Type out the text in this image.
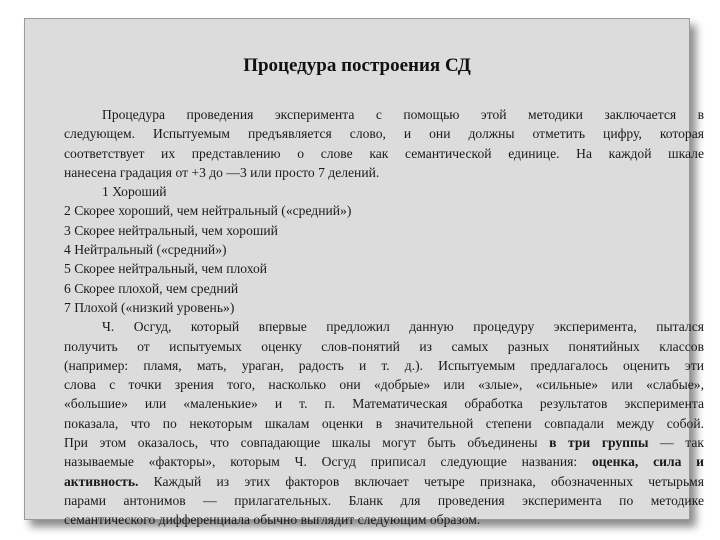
Процедура построения СД
Процедура проведения эксперимента с помощью этой методики заключается в
следующем. Испытуемым предъявляется слово, и они должны отметить цифру, которая
соответствует их представлению о слове как семантической единице. На каждой шкале
нанесена градация от +3 до —3 или просто 7 делений.
1 Хороший
2 Скорее хороший, чем нейтральный («средний»)
3 Скорее нейтральный, чем хороший
4 Нейтральный («средний»)
5 Скорее нейтральный, чем плохой
6 Скорее плохой, чем средний
7 Плохой («низкий уровень»)
Ч. Осгуд, который впервые предложил данную процедуру эксперимента, пытался
получить от испытуемых оценку слов-понятий из самых разных понятийных классов
(например: пламя, мать, ураган, радость и т. д.). Испытуемым предлагалось оценить эти
слова с точки зрения того, насколько они «добрые» или «злые», «сильные» или «слабые»,
«большие» или «маленькие» и т. п. Математическая обработка результатов эксперимента
показала, что по некоторым шкалам оценки в значительной степени совпадали между собой.
При этом оказалось, что совпадающие шкалы могут быть объединены в три группы — так
называемые «факторы», которым Ч. Осгуд приписал следующие названия: оценка, сила и
активность. Каждый из этих факторов включает четыре признака, обозначенных четырьмя
парами антонимов — прилагательных. Бланк для проведения эксперимента по методике
семантического дифференциала обычно выглядит следующим образом.
